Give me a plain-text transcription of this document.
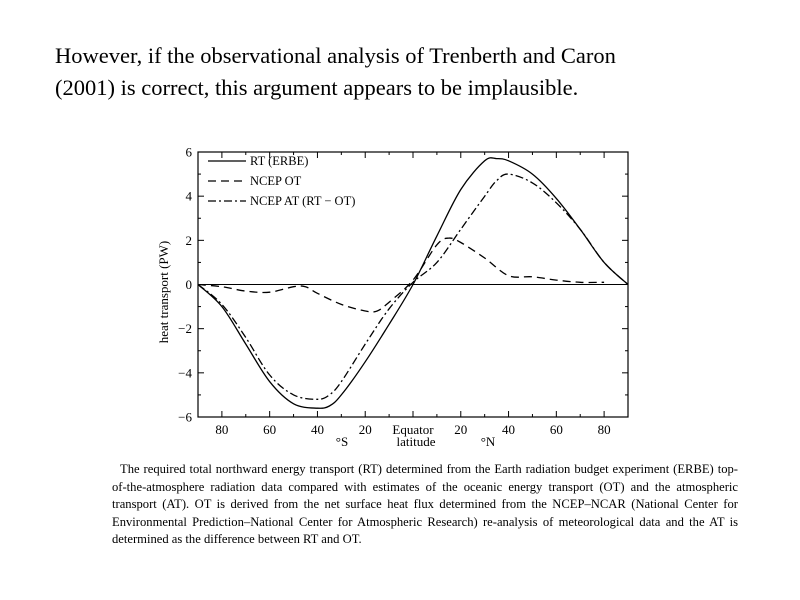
However, if the observational analysis of Trenberth and Caron
(2001) is correct, this argument appears to be implausible.
heat transport (PW)
6
4
2
0
−2
−4
−6
80	60	40	20 Equator 20	40	60	80
RT (ERBE)
NCEP OT
NCEP AT (RT − OT)
°S	latitude	°N
The required total northward energy transport (RT) determined from the Earth radiation budget experiment (ERBE) top-of-the-atmosphere radiation data compared with estimates of the oceanic energy transport (OT) and the atmospheric transport (AT). OT is derived from the net surface heat flux determined from the NCEP–NCAR (National Center for Environmental Prediction–National Center for Atmospheric Research) re-analysis of meteorological data and the AT is determined as the difference between RT and OT.
